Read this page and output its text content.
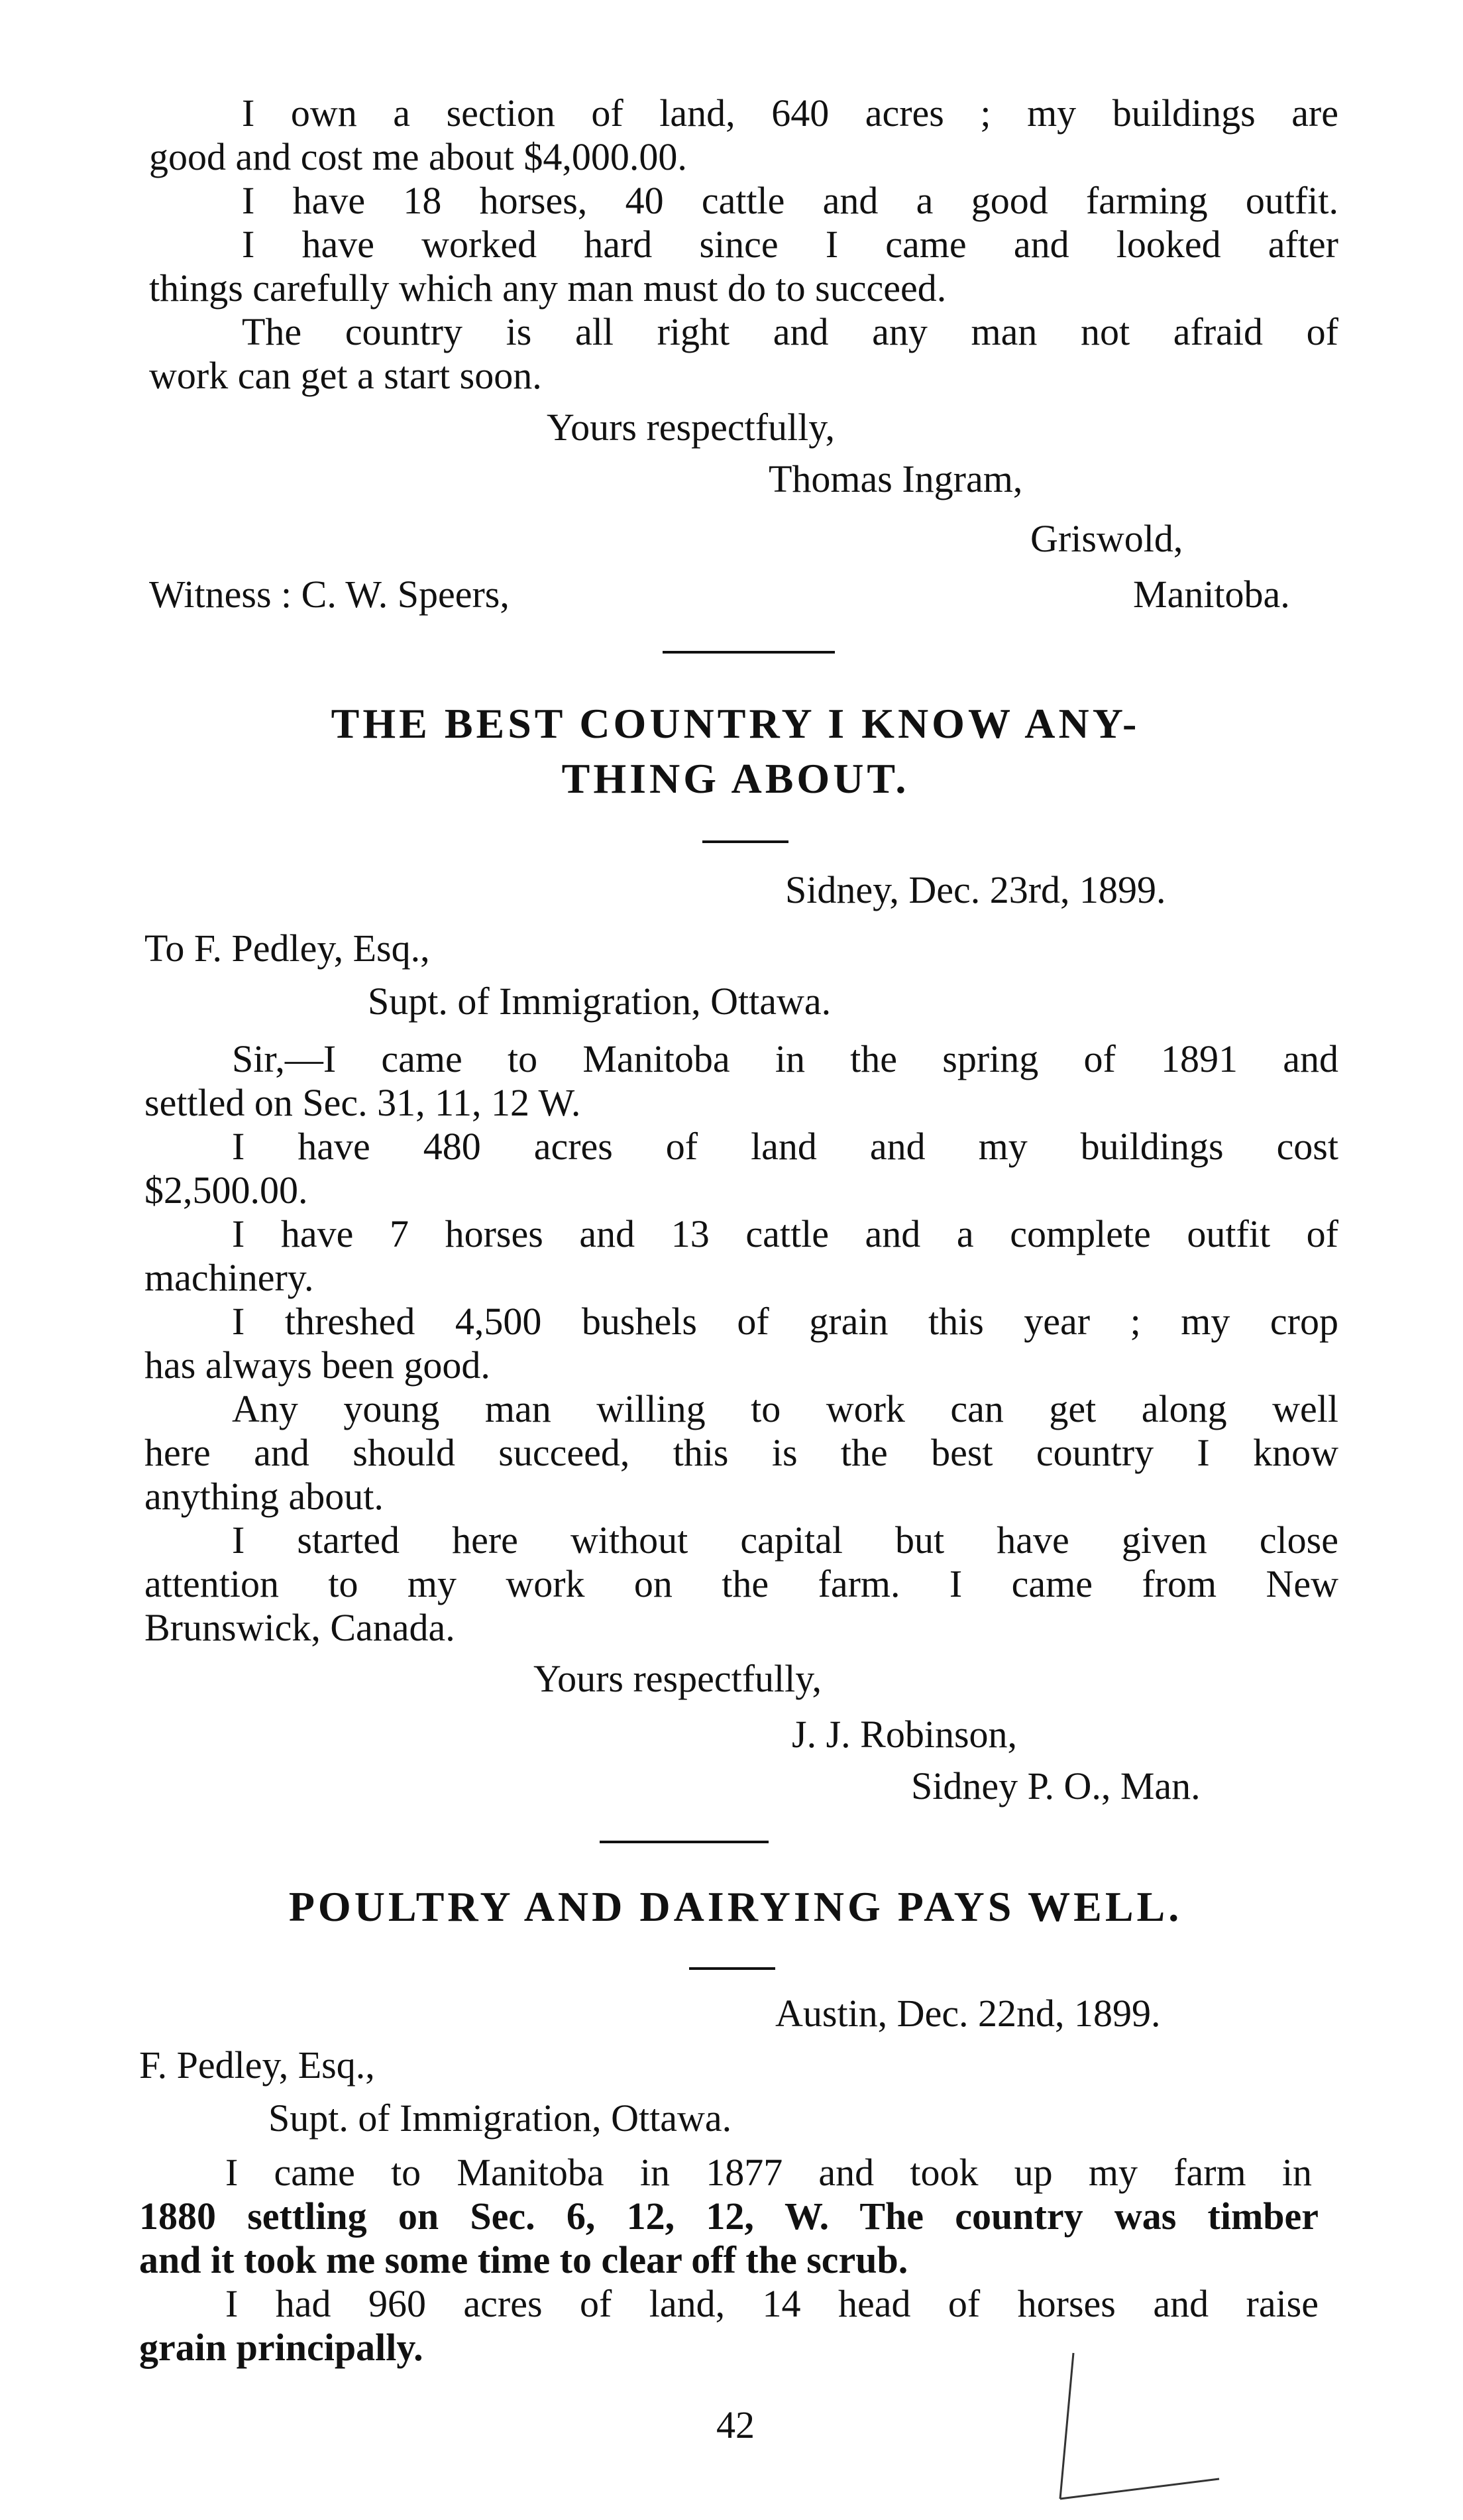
I own a section of land, 640 acres ; my buildings are

good and cost me about $4,000.00.

I have 18 horses, 40 cattle and a good farming outfit.

I have worked hard since I came and looked after

things carefully which any man must do to succeed.

The country is all right and any man not afraid of

work can get a start soon.

Yours respectfully,

Thomas Ingram,

Griswold,

Witness : C. W. Speers,	Manitoba.

THE BEST COUNTRY I KNOW ANY-
THING ABOUT.

Sidney, Dec. 23rd, 1899.

To F. Pedley, Esq.,

Supt. of Immigration, Ottawa.

Sir,—I came to Manitoba in the spring of 1891 and

settled on Sec. 31, 11, 12 W.

I have 480 acres of land and my buildings cost

$2,500.00.

I have 7 horses and 13 cattle and a complete outfit of

machinery.

I threshed 4,500 bushels of grain this year ; my crop

has always been good.

Any young man willing to work can get along well

here and should succeed, this is the best country I know

anything about.

I started here without capital but have given close

attention to my work on the farm. I came from New

Brunswick, Canada.

Yours respectfully,

J. J. Robinson,

Sidney P. O., Man.

POULTRY AND DAIRYING PAYS WELL.

Austin, Dec. 22nd, 1899.

F. Pedley, Esq.,

Supt. of Immigration, Ottawa.

I came to Manitoba in 1877 and took up my farm in

1880 settling on Sec. 6, 12, 12, W. The country was timber

and it took me some time to clear off the scrub.

I had 960 acres of land, 14 head of horses and raise

grain principally.

42
